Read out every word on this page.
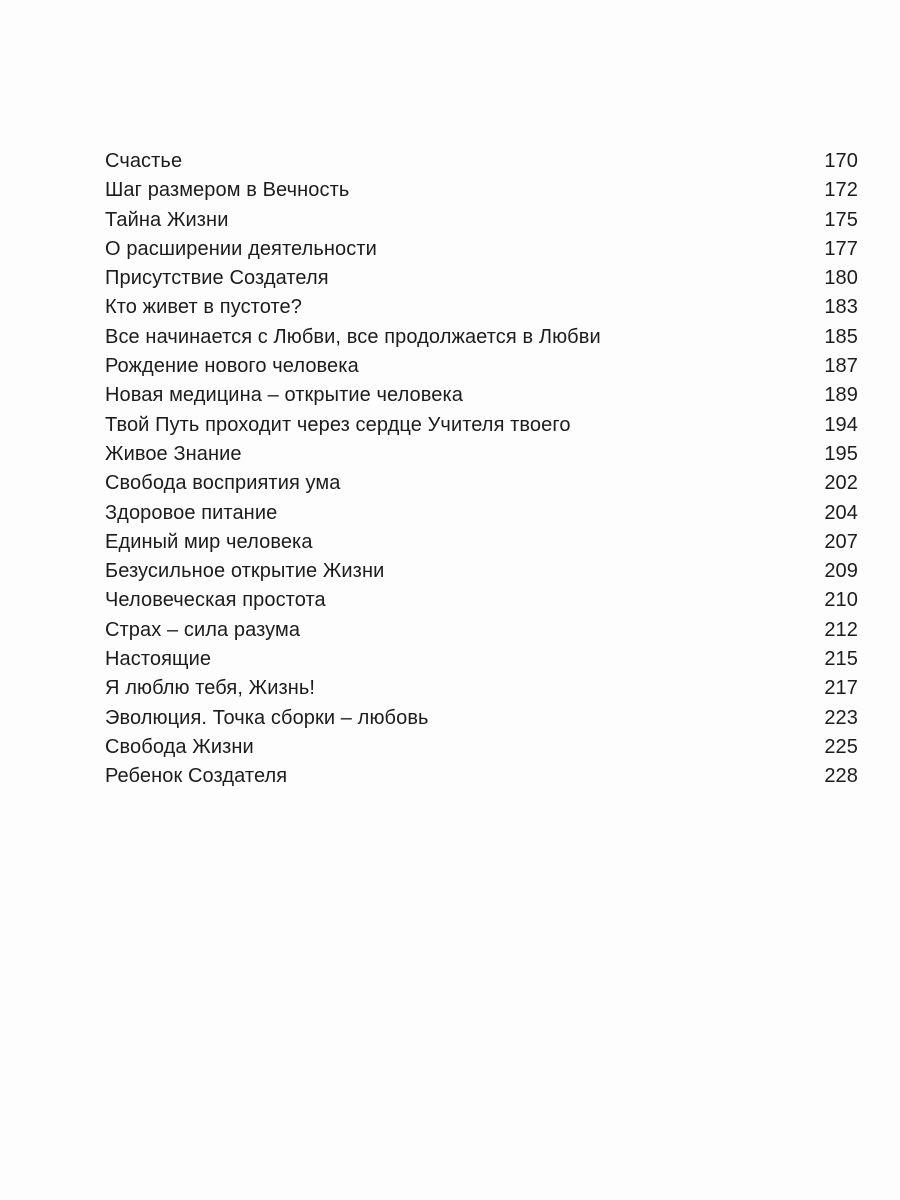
Счастье	170
Шаг размером в Вечность	172
Тайна Жизни	175
О расширении деятельности	177
Присутствие Создателя	180
Кто живет в пустоте?	183
Все начинается с Любви, все продолжается в Любви	185
Рождение нового человека	187
Новая медицина – открытие человека	189
Твой Путь проходит через сердце Учителя твоего	194
Живое Знание	195
Свобода восприятия ума	202
Здоровое питание	204
Единый мир человека	207
Безусильное открытие Жизни	209
Человеческая простота	210
Страх – сила разума	212
Настоящие	215
Я люблю тебя, Жизнь!	217
Эволюция. Точка сборки – любовь	223
Свобода Жизни	225
Ребенок Создателя	228
